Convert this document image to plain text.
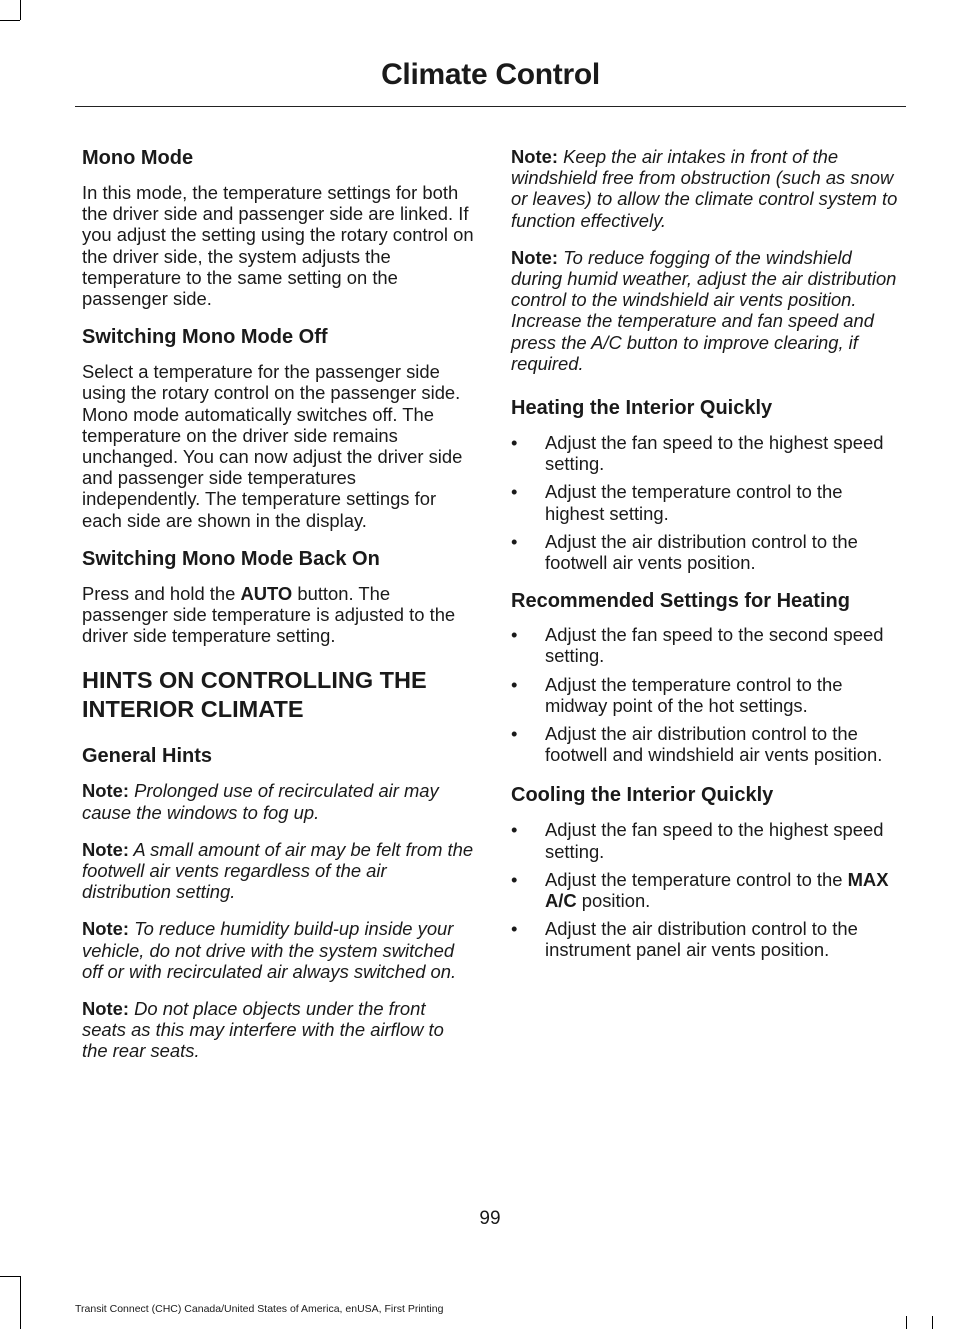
Climate Control
Mono Mode

In this mode, the temperature settings for both the driver side and passenger side are linked. If you adjust the setting using the rotary control on the driver side, the system adjusts the temperature to the same setting on the passenger side.

Switching Mono Mode Off

Select a temperature for the passenger side using the rotary control on the passenger side. Mono mode automatically switches off. The temperature on the driver side remains unchanged. You can now adjust the driver side and passenger side temperatures independently. The temperature settings for each side are shown in the display.

Switching Mono Mode Back On

Press and hold the AUTO button. The passenger side temperature is adjusted to the driver side temperature setting.

HINTS ON CONTROLLING THE INTERIOR CLIMATE
General Hints

Note: Prolonged use of recirculated air may cause the windows to fog up.

Note: A small amount of air may be felt from the footwell air vents regardless of the air distribution setting.

Note: To reduce humidity build-up inside your vehicle, do not drive with the system switched off or with recirculated air always switched on.

Note: Do not place objects under the front seats as this may interfere with the airflow to the rear seats.

Note: Keep the air intakes in front of the windshield free from obstruction (such as snow or leaves) to allow the climate control system to function effectively.

Note: To reduce fogging of the windshield during humid weather, adjust the air distribution control to the windshield air vents position. Increase the temperature and fan speed and press the A/C button to improve clearing, if required.

Heating the Interior Quickly
• Adjust the fan speed to the highest speed setting.
• Adjust the temperature control to the highest setting.
• Adjust the air distribution control to the footwell air vents position.
Recommended Settings for Heating
• Adjust the fan speed to the second speed setting.
• Adjust the temperature control to the midway point of the hot settings.
• Adjust the air distribution control to the footwell and windshield air vents position.
Cooling the Interior Quickly
• Adjust the fan speed to the highest speed setting.
• Adjust the temperature control to the MAX A/C position.
• Adjust the air distribution control to the instrument panel air vents position.
99
Transit Connect (CHC) Canada/United States of America, enUSA, First Printing
